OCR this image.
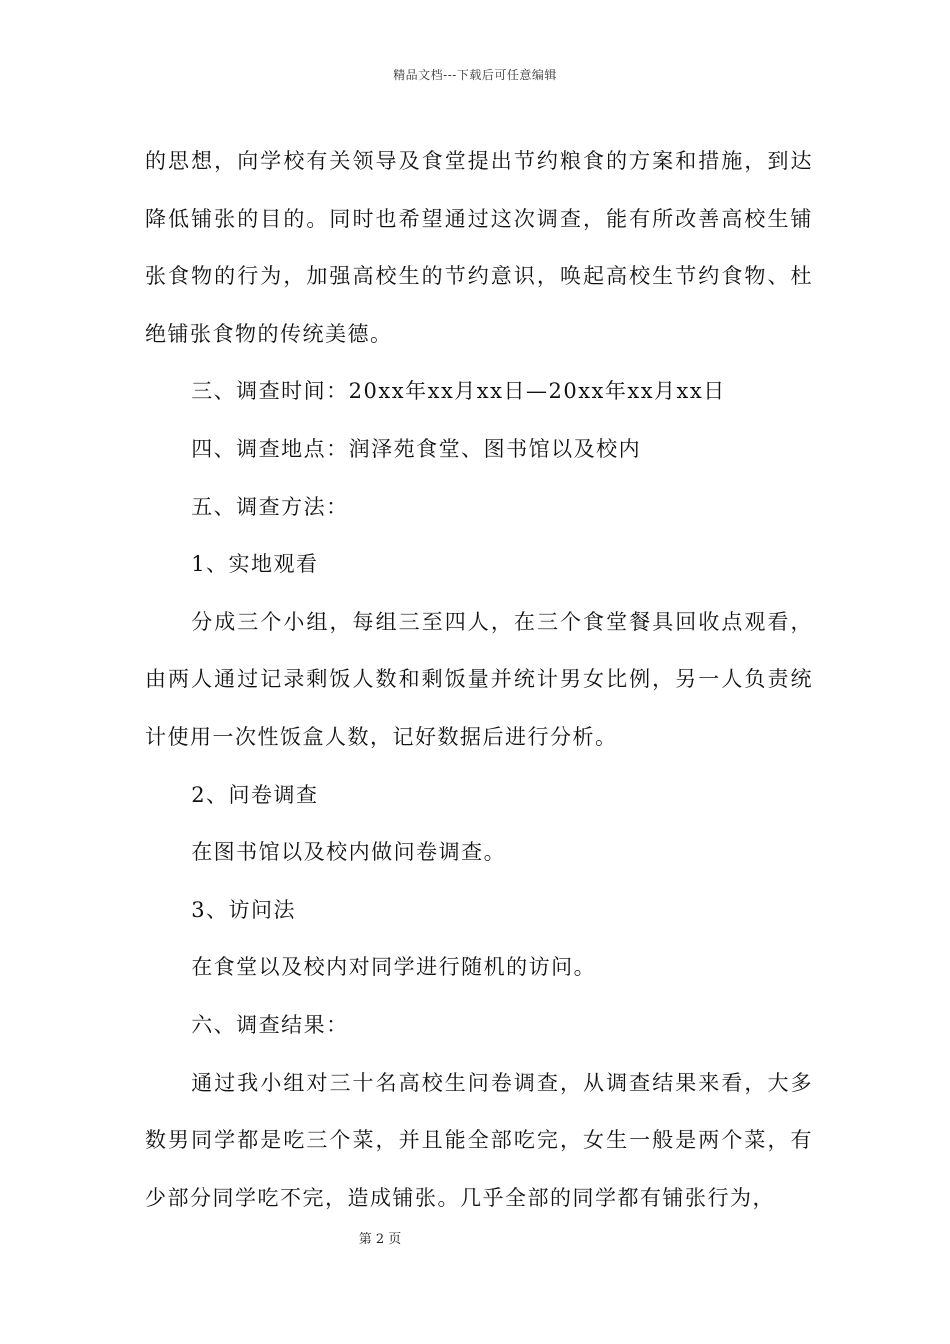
精品文档---下载后可任意编辑

的思想，向学校有关领导及食堂提出节约粮食的方案和措施，到达降低铺张的目的。同时也希望通过这次调查，能有所改善高校生铺张食物的行为，加强高校生的节约意识，唤起高校生节约食物、杜绝铺张食物的传统美德。

三、调查时间：20xx年xx月xx日—20xx年xx月xx日

四、调查地点：润泽苑食堂、图书馆以及校内

五、调查方法：

1、实地观看

分成三个小组，每组三至四人，在三个食堂餐具回收点观看，由两人通过记录剩饭人数和剩饭量并统计男女比例，另一人负责统计使用一次性饭盒人数，记好数据后进行分析。

2、问卷调查

在图书馆以及校内做问卷调查。

3、访问法

在食堂以及校内对同学进行随机的访问。

六、调查结果：

通过我小组对三十名高校生问卷调查，从调查结果来看，大多数男同学都是吃三个菜，并且能全部吃完，女生一般是两个菜，有少部分同学吃不完，造成铺张。几乎全部的同学都有铺张行为，

第 2 页
